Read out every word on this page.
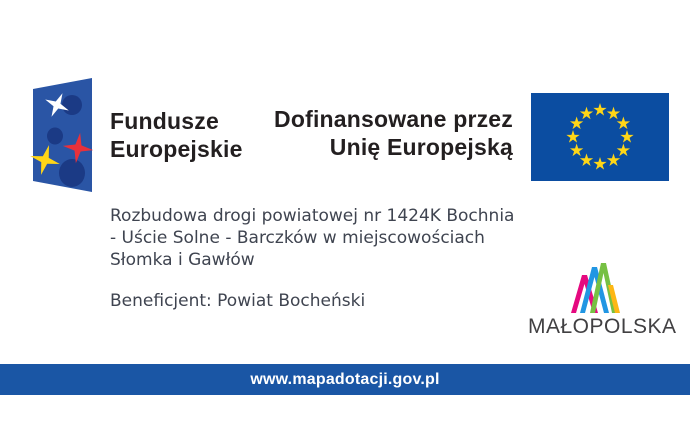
Fundusze
Europejskie
Dofinansowane przez
Unię Europejską
Rozbudowa drogi powiatowej nr 1424K Bochnia
- Uście Solne - Barczków w miejscowościach
Słomka i Gawłów
Beneficjent: Powiat Bocheński
MAŁOPOLSKA
www.mapadotacji.gov.pl
